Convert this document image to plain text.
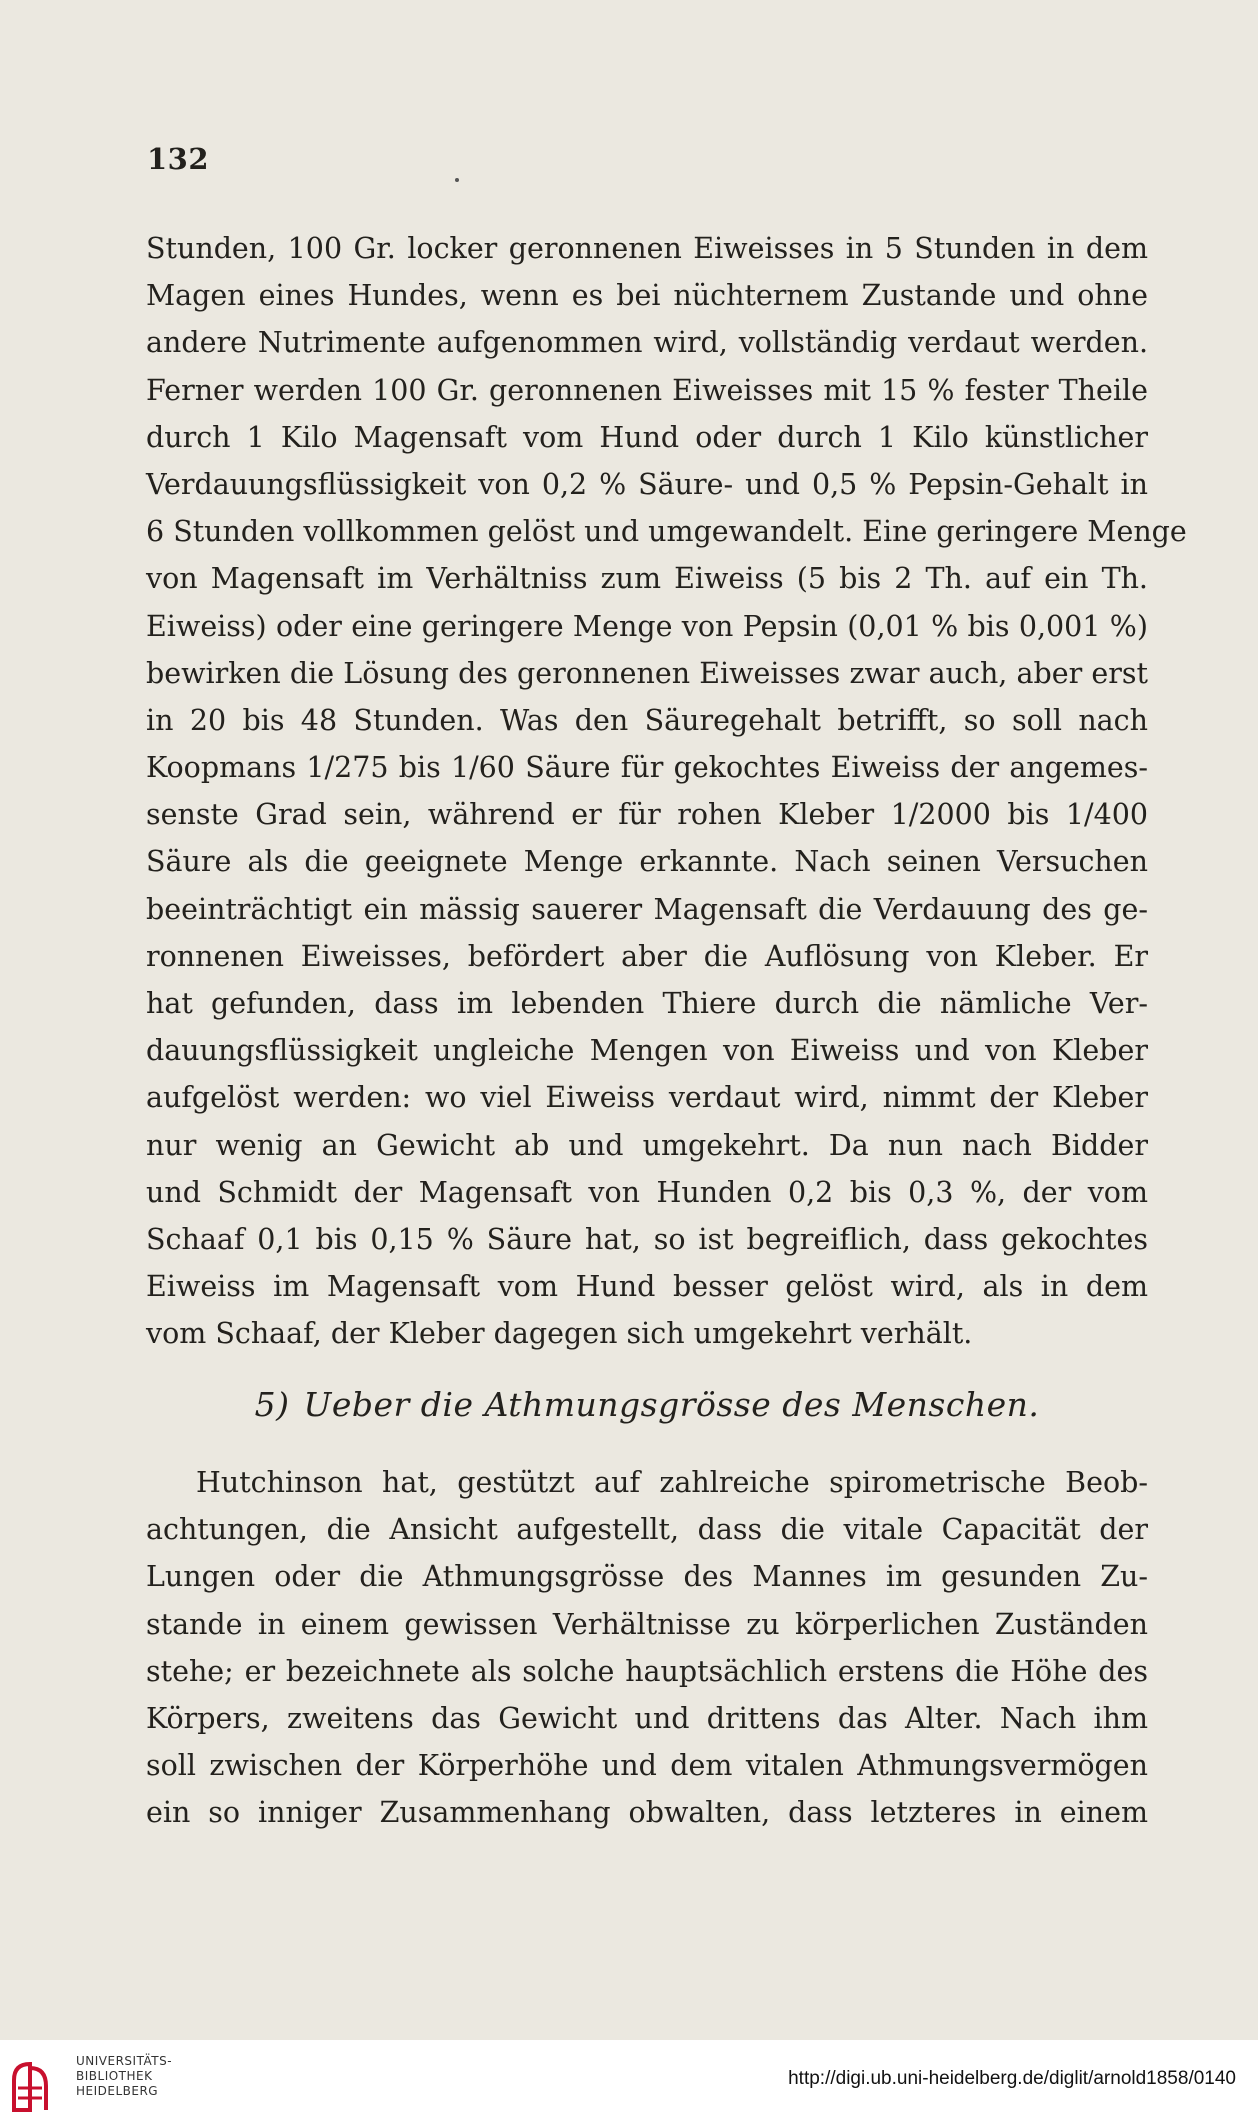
132
Stunden, 100 Gr. locker geronnenen Eiweisses in 5 Stunden in dem
Magen eines Hundes, wenn es bei nüchternem Zustande und ohne
andere Nutrimente aufgenommen wird, vollständig verdaut werden.
Ferner werden 100 Gr. geronnenen Eiweisses mit 15 % fester Theile
durch 1 Kilo Magensaft vom Hund oder durch 1 Kilo künstlicher
Verdauungsflüssigkeit von 0,2 % Säure- und 0,5 % Pepsin-Gehalt in
6 Stunden vollkommen gelöst und umgewandelt. Eine geringere Menge
von Magensaft im Verhältniss zum Eiweiss (5 bis 2 Th. auf ein Th.
Eiweiss) oder eine geringere Menge von Pepsin (0,01 % bis 0,001 %)
bewirken die Lösung des geronnenen Eiweisses zwar auch, aber erst
in 20 bis 48 Stunden. Was den Säuregehalt betrifft, so soll nach
Koopmans 1/275 bis 1/60 Säure für gekochtes Eiweiss der angemes-
senste Grad sein, während er für rohen Kleber 1/2000 bis 1/400
Säure als die geeignete Menge erkannte. Nach seinen Versuchen
beeinträchtigt ein mässig sauerer Magensaft die Verdauung des ge-
ronnenen Eiweisses, befördert aber die Auflösung von Kleber. Er
hat gefunden, dass im lebenden Thiere durch die nämliche Ver-
dauungsflüssigkeit ungleiche Mengen von Eiweiss und von Kleber
aufgelöst werden: wo viel Eiweiss verdaut wird, nimmt der Kleber
nur wenig an Gewicht ab und umgekehrt. Da nun nach Bidder
und Schmidt der Magensaft von Hunden 0,2 bis 0,3 %, der vom
Schaaf 0,1 bis 0,15 % Säure hat, so ist begreiflich, dass gekochtes
Eiweiss im Magensaft vom Hund besser gelöst wird, als in dem
vom Schaaf, der Kleber dagegen sich umgekehrt verhält.
5) Ueber die Athmungsgrösse des Menschen.
Hutchinson hat, gestützt auf zahlreiche spirometrische Beob-
achtungen, die Ansicht aufgestellt, dass die vitale Capacität der
Lungen oder die Athmungsgrösse des Mannes im gesunden Zu-
stande in einem gewissen Verhältnisse zu körperlichen Zuständen
stehe; er bezeichnete als solche hauptsächlich erstens die Höhe des
Körpers, zweitens das Gewicht und drittens das Alter. Nach ihm
soll zwischen der Körperhöhe und dem vitalen Athmungsvermögen
ein so inniger Zusammenhang obwalten, dass letzteres in einem
UNIVERSITÄTS-
BIBLIOTHEK
HEIDELBERG
http://digi.ub.uni-heidelberg.de/diglit/arnold1858/0140
